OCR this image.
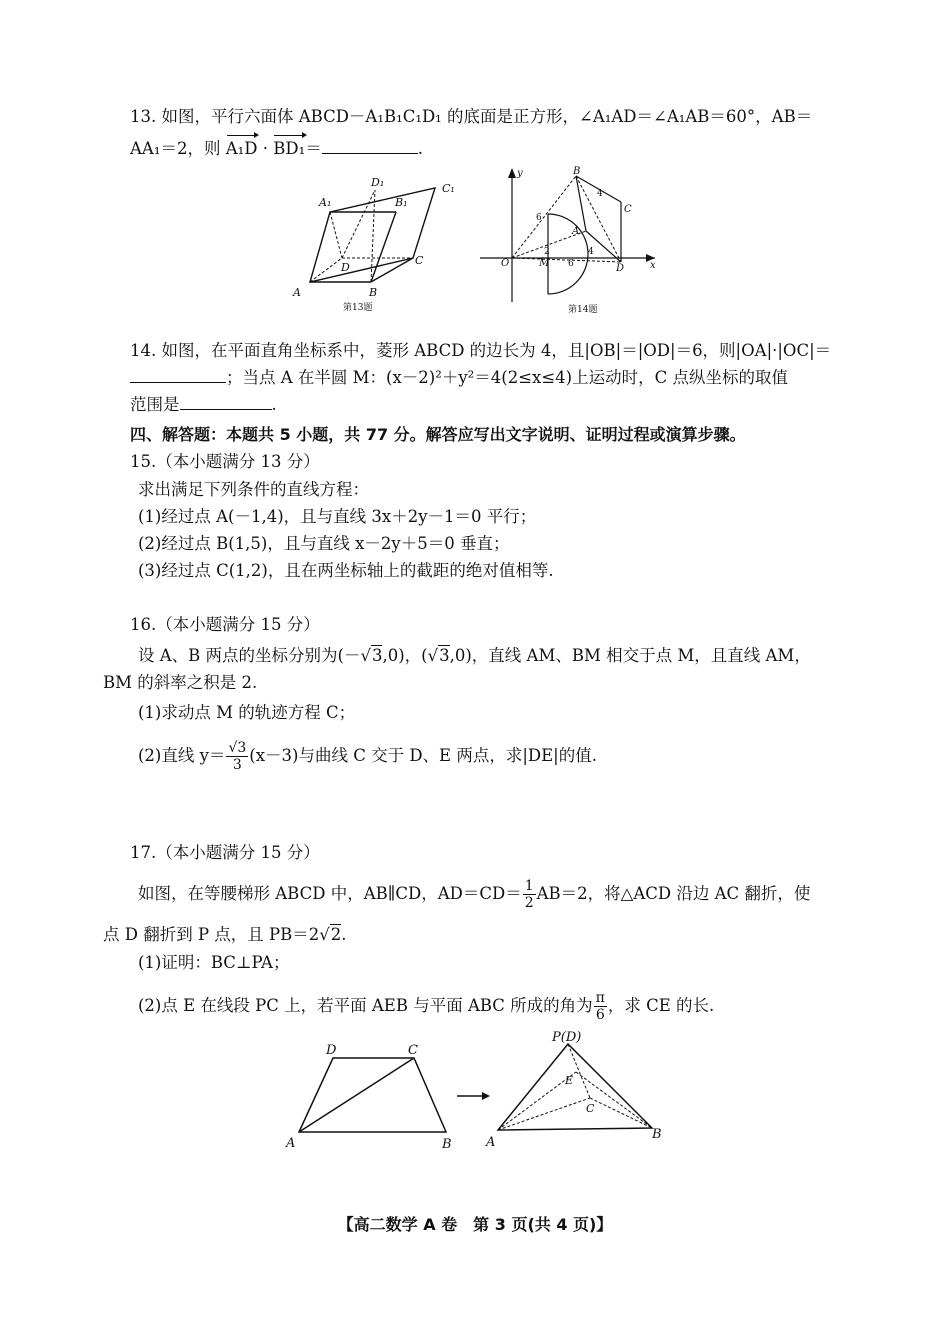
13. 如图，平行六面体 ABCD－A₁B₁C₁D₁ 的底面是正方形，∠A₁AD＝∠A₁AB＝60°，AB＝
AA₁＝2，则 A₁D · BD₁＝	.
A₁
D₁	C₁
B₁
D
C
A	B
第13题
y	B
4
C
6
A
2	4
O	M 6	D	x
第14题
14. 如图，在平面直角坐标系中，菱形 ABCD 的边长为 4，且|OB|＝|OD|＝6，则|OA|·|OC|＝
；当点 A 在半圆 M：(x－2)²＋y²＝4(2≤x≤4)上运动时，C 点纵坐标的取值
范围是	.
四、解答题：本题共 5 小题，共 77 分。解答应写出文字说明、证明过程或演算步骤。
15.（本小题满分 13 分）
求出满足下列条件的直线方程：
(1)经过点 A(－1,4)，且与直线 3x＋2y－1＝0 平行；
(2)经过点 B(1,5)，且与直线 x－2y＋5＝0 垂直；
(3)经过点 C(1,2)，且在两坐标轴上的截距的绝对值相等.
16.（本小题满分 15 分）
设 A、B 两点的坐标分别为(－√3,0)，(√3,0)，直线 AM、BM 相交于点 M，且直线 AM，
BM 的斜率之积是 2.
(1)求动点 M 的轨迹方程 C；
(2)直线 $y= \frac{√3}{3} (x-3)$与曲线 C 交于 D、E 两点，求|DE|的值.
17.（本小题满分 15 分）
如图，在等腰梯形 ABCD 中，AB∥CD，$AD=CD= \frac{1}{2} AB=2$，将△ACD 沿边 AC 翻折，使
点 D 翻折到 P 点，且 PB＝2√2.
(1)证明：BC⊥PA；
(2)点 E 在线段 PC 上，若平面 AEB 与平面 ABC 所成的角为 $\frac{\pi}{6}$ ，求 CE 的长.
D	C
A	B
P(D)
E
C
A
B
【高二数学 A 卷　第 3 页(共 4 页)】
